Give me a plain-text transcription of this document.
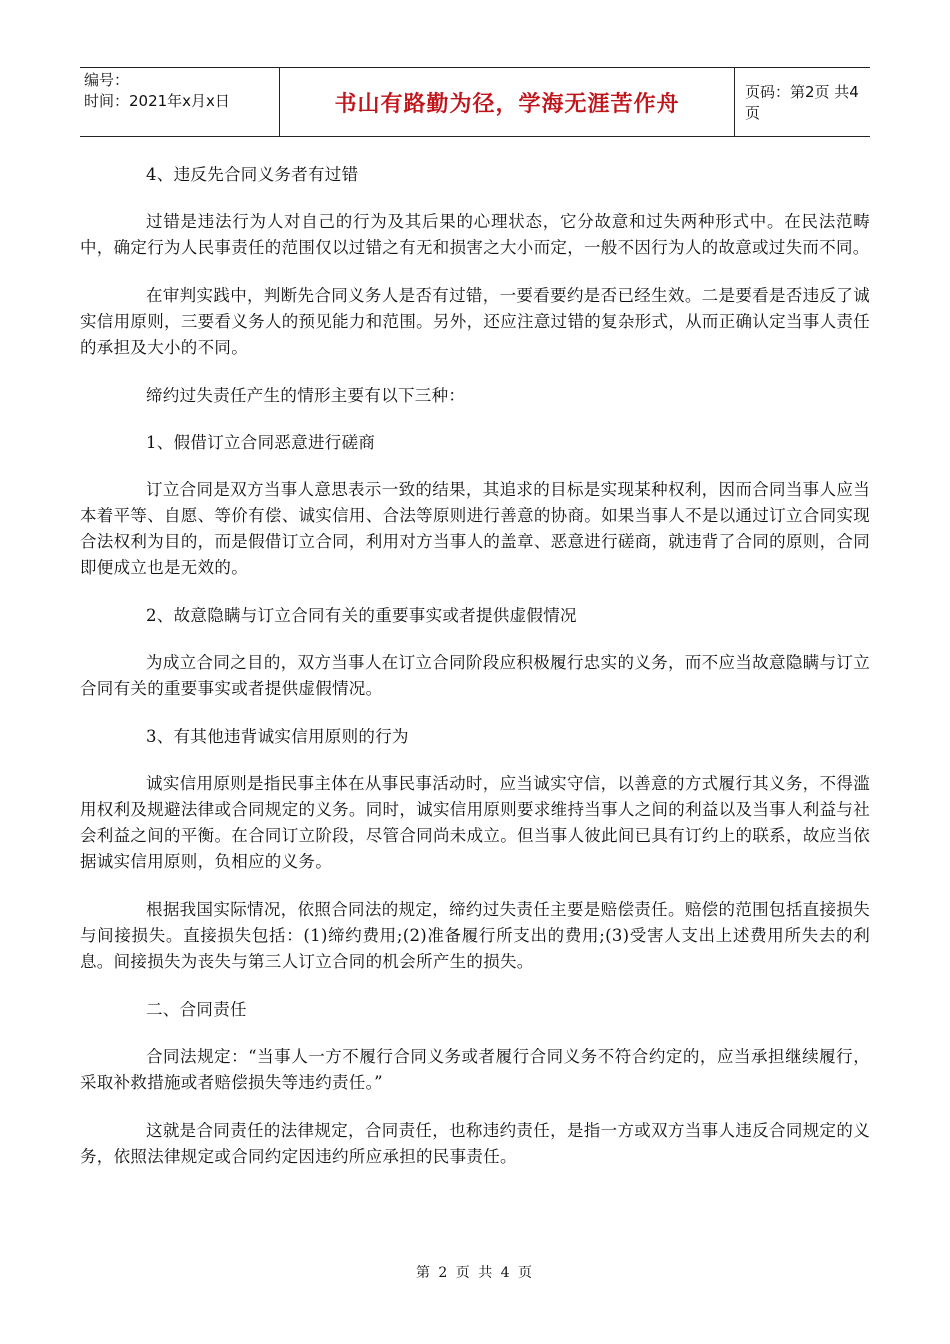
编号：
时间：2021年x月x日	书山有路勤为径，学海无涯苦作舟	页码：第2页 共4页

4、违反先合同义务者有过错

过错是违法行为人对自己的行为及其后果的心理状态，它分故意和过失两种形式中。在民法范畴中，确定行为人民事责任的范围仅以过错之有无和损害之大小而定，一般不因行为人的故意或过失而不同。

在审判实践中，判断先合同义务人是否有过错，一要看要约是否已经生效。二是要看是否违反了诚实信用原则，三要看义务人的预见能力和范围。另外，还应注意过错的复杂形式，从而正确认定当事人责任的承担及大小的不同。

缔约过失责任产生的情形主要有以下三种：

1、假借订立合同恶意进行磋商

订立合同是双方当事人意思表示一致的结果，其追求的目标是实现某种权利，因而合同当事人应当本着平等、自愿、等价有偿、诚实信用、合法等原则进行善意的协商。如果当事人不是以通过订立合同实现合法权利为目的，而是假借订立合同，利用对方当事人的盖章、恶意进行磋商，就违背了合同的原则，合同即便成立也是无效的。

2、故意隐瞒与订立合同有关的重要事实或者提供虚假情况

为成立合同之目的，双方当事人在订立合同阶段应积极履行忠实的义务，而不应当故意隐瞒与订立合同有关的重要事实或者提供虚假情况。

3、有其他违背诚实信用原则的行为

诚实信用原则是指民事主体在从事民事活动时，应当诚实守信，以善意的方式履行其义务，不得滥用权利及规避法律或合同规定的义务。同时，诚实信用原则要求维持当事人之间的利益以及当事人利益与社会利益之间的平衡。在合同订立阶段，尽管合同尚未成立。但当事人彼此间已具有订约上的联系，故应当依据诚实信用原则，负相应的义务。

根据我国实际情况，依照合同法的规定，缔约过失责任主要是赔偿责任。赔偿的范围包括直接损失与间接损失。直接损失包括：(1)缔约费用;(2)准备履行所支出的费用;(3)受害人支出上述费用所失去的利息。间接损失为丧失与第三人订立合同的机会所产生的损失。

二、合同责任

合同法规定：“当事人一方不履行合同义务或者履行合同义务不符合约定的，应当承担继续履行，采取补救措施或者赔偿损失等违约责任。”

这就是合同责任的法律规定，合同责任，也称违约责任，是指一方或双方当事人违反合同规定的义务，依照法律规定或合同约定因违约所应承担的民事责任。

第 2 页 共 4 页
